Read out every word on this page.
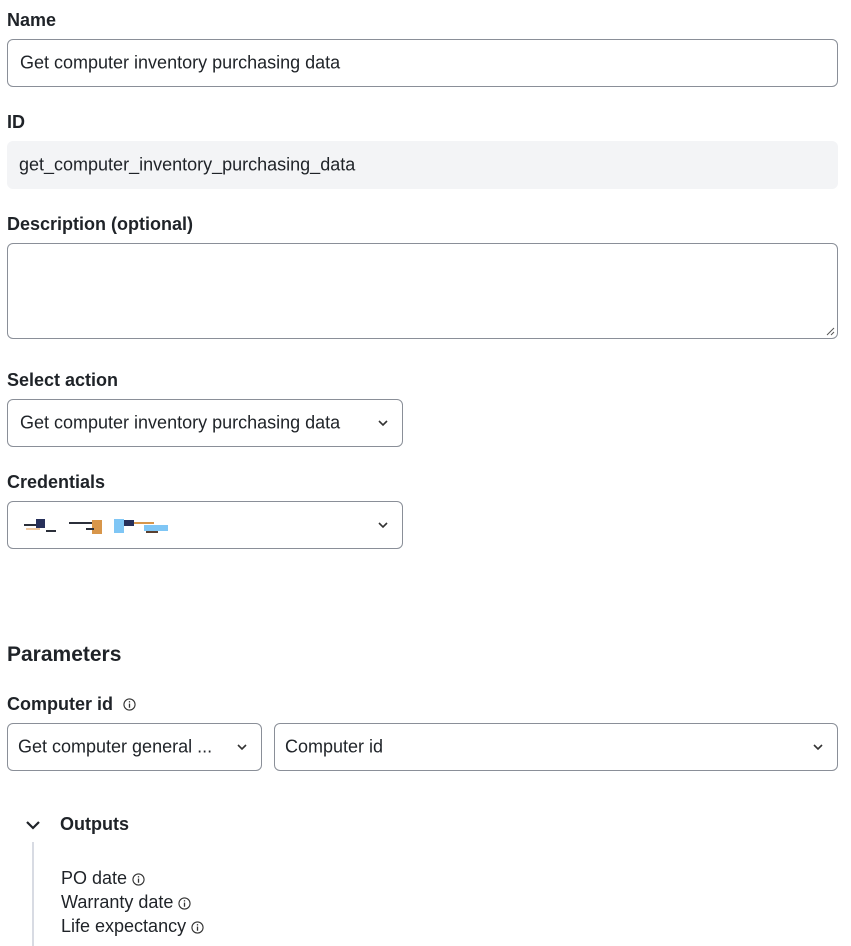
Name
Get computer inventory purchasing data
ID
get_computer_inventory_purchasing_data
Description (optional)
Select action
Get computer inventory purchasing data
Credentials
Parameters
Computer id
Get computer general ...	Computer id
Outputs
PO date
Warranty date
Life expectancy
